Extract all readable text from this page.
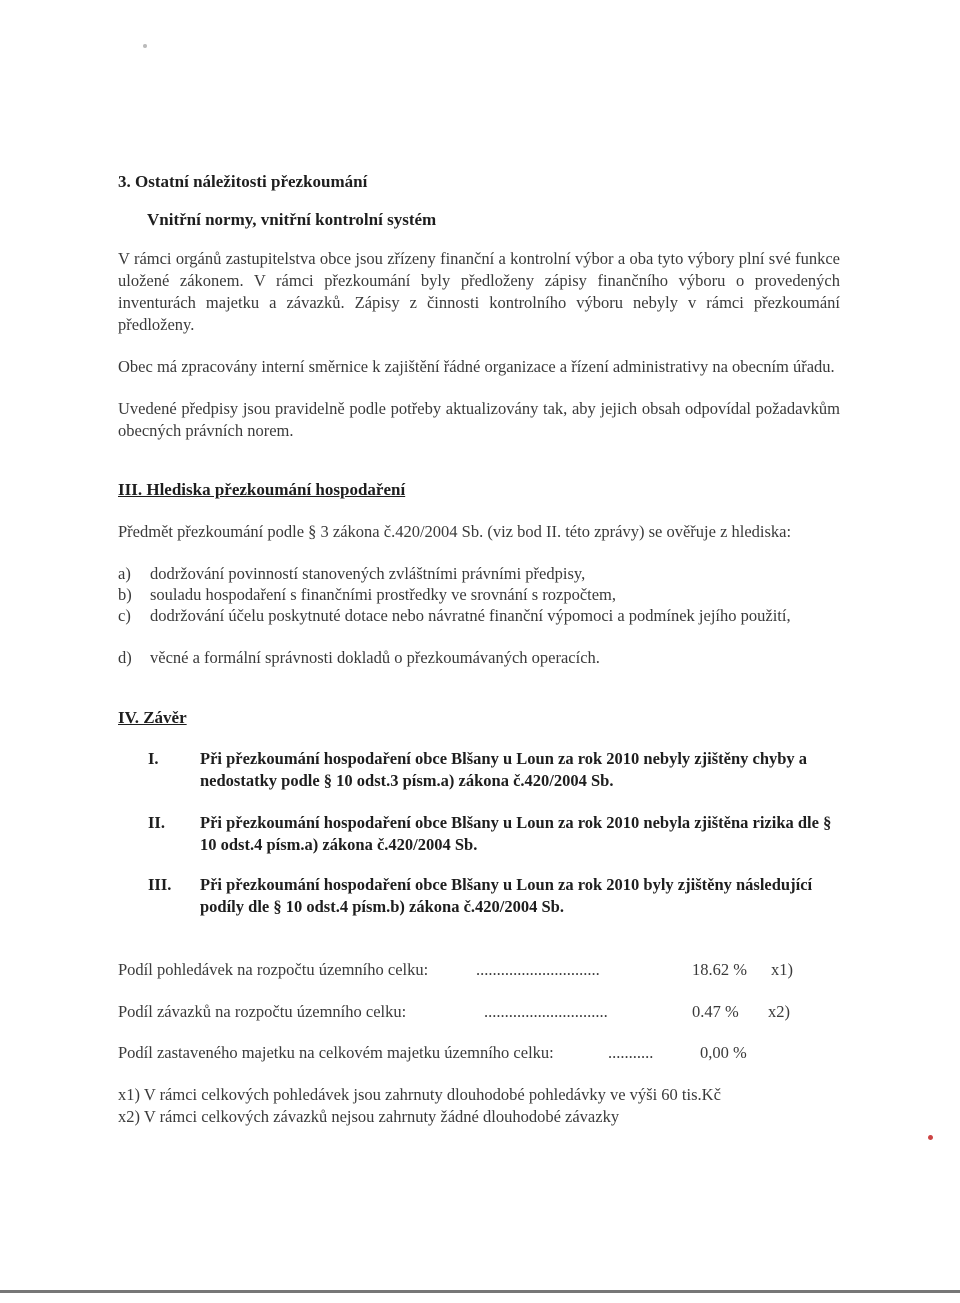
3. Ostatní náležitosti přezkoumání
Vnitřní normy, vnitřní kontrolní systém
V rámci orgánů zastupitelstva obce jsou zřízeny finanční a kontrolní výbor a oba tyto výbory plní své funkce uložené zákonem. V rámci přezkoumání byly předloženy zápisy finančního výboru o provedených inventurách majetku a závazků. Zápisy z činnosti kontrolního výboru nebyly v rámci přezkoumání předloženy.
Obec má zpracovány interní směrnice k zajištění řádné organizace a řízení administrativy na obecním úřadu.
Uvedené předpisy jsou pravidelně podle potřeby aktualizovány tak, aby jejich obsah odpovídal požadavkům obecných právních norem.
III. Hlediska přezkoumání hospodaření
Předmět přezkoumání podle § 3 zákona č.420/2004 Sb. (viz bod II. této zprávy) se ověřuje z hlediska:
a)	dodržování povinností stanovených zvláštními právními předpisy,
b)	souladu hospodaření s finančními prostředky ve srovnání s rozpočtem,
c)	dodržování účelu poskytnuté dotace nebo návratné finanční výpomoci a podmínek jejího použití,
d)	věcné a formální správnosti dokladů o přezkoumávaných operacích.
IV. Závěr
I.	Při přezkoumání hospodaření obce Blšany u Loun za rok 2010 nebyly zjištěny chyby a nedostatky podle § 10 odst.3 písm.a) zákona č.420/2004 Sb.
II.	Při přezkoumání hospodaření obce Blšany u Loun za rok 2010 nebyla zjištěna rizika dle § 10 odst.4 písm.a) zákona č.420/2004 Sb.
III.	Při přezkoumání hospodaření obce Blšany u Loun za rok 2010 byly zjištěny následující podíly dle § 10 odst.4 písm.b) zákona č.420/2004 Sb.
Podíl pohledávek na rozpočtu územního celku:	..............................	18.62 % x1)
Podíl závazků na rozpočtu územního celku:	..............................	0.47 % x2)
Podíl zastaveného majetku na celkovém majetku územního celku:	...........	0,00 %
x1) V rámci celkových pohledávek jsou zahrnuty dlouhodobé pohledávky ve výši 60 tis.Kč
x2) V rámci celkových závazků nejsou zahrnuty žádné dlouhodobé závazky
